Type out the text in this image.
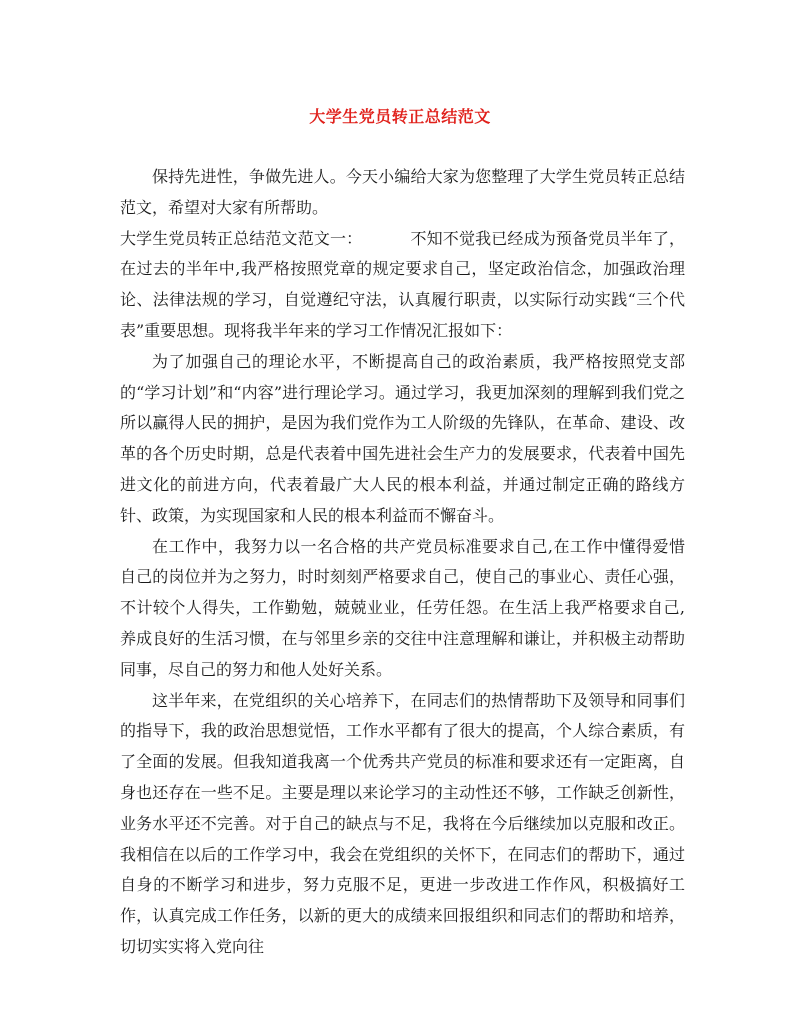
大学生党员转正总结范文

保持先进性，争做先进人。今天小编给大家为您整理了大学生党员转正总结范文，希望对大家有所帮助。

大学生党员转正总结范文范文一：	不知不觉我已经成为预备党员半年了，在过去的半年中,我严格按照党章的规定要求自己，坚定政治信念，加强政治理论、法律法规的学习，自觉遵纪守法，认真履行职责，以实际行动实践“三个代表”重要思想。现将我半年来的学习工作情况汇报如下：

为了加强自己的理论水平，不断提高自己的政治素质，我严格按照党支部的“学习计划”和“内容”进行理论学习。通过学习，我更加深刻的理解到我们党之所以赢得人民的拥护，是因为我们党作为工人阶级的先锋队，在革命、建设、改革的各个历史时期，总是代表着中国先进社会生产力的发展要求，代表着中国先进文化的前进方向，代表着最广大人民的根本利益，并通过制定正确的路线方针、政策，为实现国家和人民的根本利益而不懈奋斗。

在工作中，我努力以一名合格的共产党员标准要求自己,在工作中懂得爱惜自己的岗位并为之努力，时时刻刻严格要求自己，使自己的事业心、责任心强，不计较个人得失，工作勤勉，兢兢业业，任劳任怨。在生活上我严格要求自己,养成良好的生活习惯，在与邻里乡亲的交往中注意理解和谦让，并积极主动帮助同事，尽自己的努力和他人处好关系。

这半年来，在党组织的关心培养下，在同志们的热情帮助下及领导和同事们的指导下，我的政治思想觉悟，工作水平都有了很大的提高，个人综合素质，有了全面的发展。但我知道我离一个优秀共产党员的标准和要求还有一定距离，自身也还存在一些不足。主要是理以来论学习的主动性还不够，工作缺乏创新性，业务水平还不完善。对于自己的缺点与不足，我将在今后继续加以克服和改正。我相信在以后的工作学习中，我会在党组织的关怀下，在同志们的帮助下，通过自身的不断学习和进步，努力克服不足，更进一步改进工作作风，积极搞好工作，认真完成工作任务，以新的更大的成绩来回报组织和同志们的帮助和培养，切切实实将入党向往
